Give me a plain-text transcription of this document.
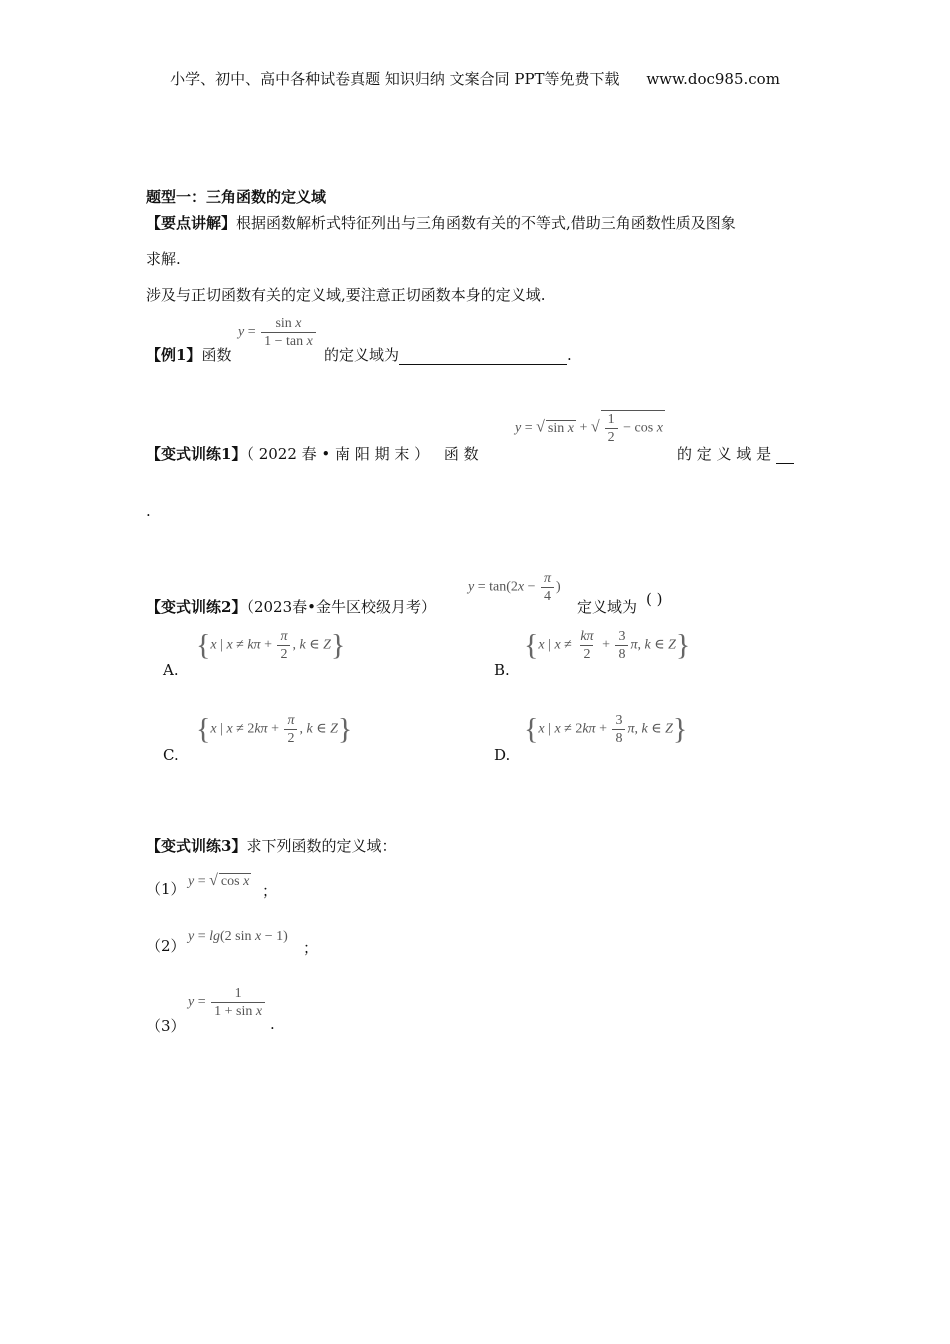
小学、初中、高中各种试卷真题 知识归纳 文案合同 PPT等免费下载 www.doc985.com
题型一：三角函数的定义域
【要点讲解】根据函数解析式特征列出与三角函数有关的不等式,借助三角函数性质及图象
求解.
涉及与正切函数有关的定义域,要注意正切函数本身的定义域.
【例1】函数
$y = \frac{\text{sin x}}{\text{1 − tan x}}$
的定义域为	.
【变式训练1】（ 2022 春 • 南 阳 期 末 ） 函 数
y = √ sin x + √ $\frac{1}{2} - \cos x$
的 定 义 域 是
.
【变式训练2】（2023春•金牛区校级月考）
$y = \tan(2x - \frac{\pi}{4}$ )
定义域为 ( )
A.
{x | $x \ne k\pi + \frac{\pi}{2}$ , k ∈ Z}
B.
{x | $x \ne \frac{k\pi}{2} + \frac{3}{8} \pi$, k ∈ Z}
C.
{x | $x \ne 2k\pi + \frac{\pi}{2}$ , k ∈ Z}
D.
{x | $x \ne 2k\pi + \frac{3}{8} \pi$, k ∈ Z}
【变式训练3】求下列函数的定义域：
（1） y = √ cos x
；
（2）
y = lg(2 sin x − 1)
；
（3）
$y = \frac{1}{\text{1 + sin x}}$
.
